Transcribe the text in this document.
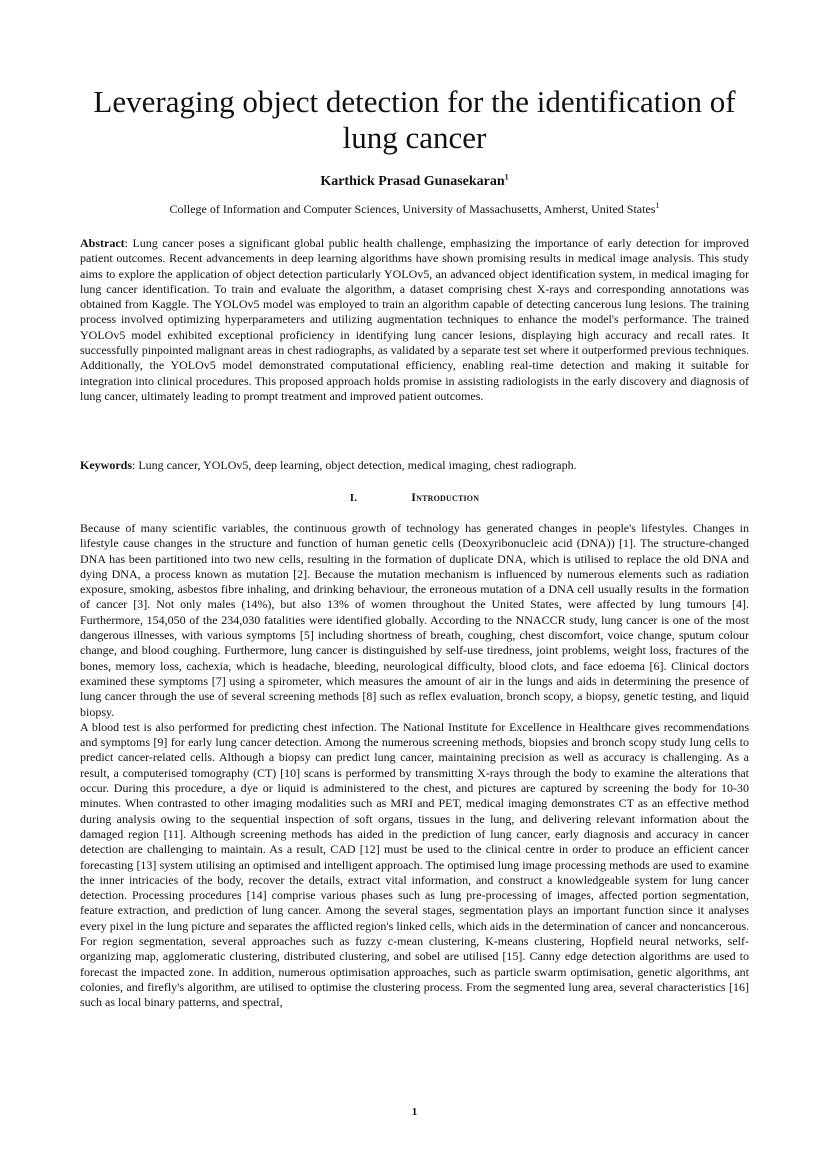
Leveraging object detection for the identification of lung cancer
Karthick Prasad Gunasekaran$^1$
College of Information and Computer Sciences, University of Massachusetts, Amherst, United States$^1$

Abstract: Lung cancer poses a significant global public health challenge, emphasizing the importance of early detection for improved patient outcomes. Recent advancements in deep learning algorithms have shown promising results in medical image analysis. This study aims to explore the application of object detection particularly YOLOv5, an advanced object identification system, in medical imaging for lung cancer identification. To train and evaluate the algorithm, a dataset comprising chest X-rays and corresponding annotations was obtained from Kaggle. The YOLOv5 model was employed to train an algorithm capable of detecting cancerous lung lesions. The training process involved optimizing hyperparameters and utilizing augmentation techniques to enhance the model's performance. The trained YOLOv5 model exhibited exceptional proficiency in identifying lung cancer lesions, displaying high accuracy and recall rates. It successfully pinpointed malignant areas in chest radiographs, as validated by a separate test set where it outperformed previous techniques. Additionally, the YOLOv5 model demonstrated computational efficiency, enabling real-time detection and making it suitable for integration into clinical procedures. This proposed approach holds promise in assisting radiologists in the early discovery and diagnosis of lung cancer, ultimately leading to prompt treatment and improved patient outcomes.

Keywords: Lung cancer, YOLOv5, deep learning, object detection, medical imaging, chest radiograph.

I.	Introduction

Because of many scientific variables, the continuous growth of technology has generated changes in people's lifestyles. Changes in lifestyle cause changes in the structure and function of human genetic cells (Deoxyribonucleic acid (DNA)) [1]. The structure-changed DNA has been partitioned into two new cells, resulting in the formation of duplicate DNA, which is utilised to replace the old DNA and dying DNA, a process known as mutation [2]. Because the mutation mechanism is influenced by numerous elements such as radiation exposure, smoking, asbestos fibre inhaling, and drinking behaviour, the erroneous mutation of a DNA cell usually results in the formation of cancer [3]. Not only males (14%), but also 13% of women throughout the United States, were affected by lung tumours [4]. Furthermore, 154,050 of the 234,030 fatalities were identified globally. According to the NNACCR study, lung cancer is one of the most dangerous illnesses, with various symptoms [5] including shortness of breath, coughing, chest discomfort, voice change, sputum colour change, and blood coughing. Furthermore, lung cancer is distinguished by self-use tiredness, joint problems, weight loss, fractures of the bones, memory loss, cachexia, which is headache, bleeding, neurological difficulty, blood clots, and face edoema [6]. Clinical doctors examined these symptoms [7] using a spirometer, which measures the amount of air in the lungs and aids in determining the presence of lung cancer through the use of several screening methods [8] such as reflex evaluation, bronch scopy, a biopsy, genetic testing, and liquid biopsy.

A blood test is also performed for predicting chest infection. The National Institute for Excellence in Healthcare gives recommendations and symptoms [9] for early lung cancer detection. Among the numerous screening methods, biopsies and bronch scopy study lung cells to predict cancer-related cells. Although a biopsy can predict lung cancer, maintaining precision as well as accuracy is challenging. As a result, a computerised tomography (CT) [10] scans is performed by transmitting X-rays through the body to examine the alterations that occur. During this procedure, a dye or liquid is administered to the chest, and pictures are captured by screening the body for 10-30 minutes. When contrasted to other imaging modalities such as MRI and PET, medical imaging demonstrates CT as an effective method during analysis owing to the sequential inspection of soft organs, tissues in the lung, and delivering relevant information about the damaged region [11]. Although screening methods has aided in the prediction of lung cancer, early diagnosis and accuracy in cancer detection are challenging to maintain. As a result, CAD [12] must be used to the clinical centre in order to produce an efficient cancer forecasting [13] system utilising an optimised and intelligent approach. The optimised lung image processing methods are used to examine the inner intricacies of the body, recover the details, extract vital information, and construct a knowledgeable system for lung cancer detection. Processing procedures [14] comprise various phases such as lung pre-processing of images, affected portion segmentation, feature extraction, and prediction of lung cancer. Among the several stages, segmentation plays an important function since it analyses every pixel in the lung picture and separates the afflicted region's linked cells, which aids in the determination of cancer and noncancerous. For region segmentation, several approaches such as fuzzy c-mean clustering, K-means clustering, Hopfield neural networks, self-organizing map, agglomeratic clustering, distributed clustering, and sobel are utilised [15]. Canny edge detection algorithms are used to forecast the impacted zone. In addition, numerous optimisation approaches, such as particle swarm optimisation, genetic algorithms, ant colonies, and firefly's algorithm, are utilised to optimise the clustering process. From the segmented lung area, several characteristics [16] such as local binary patterns, and spectral,

1
